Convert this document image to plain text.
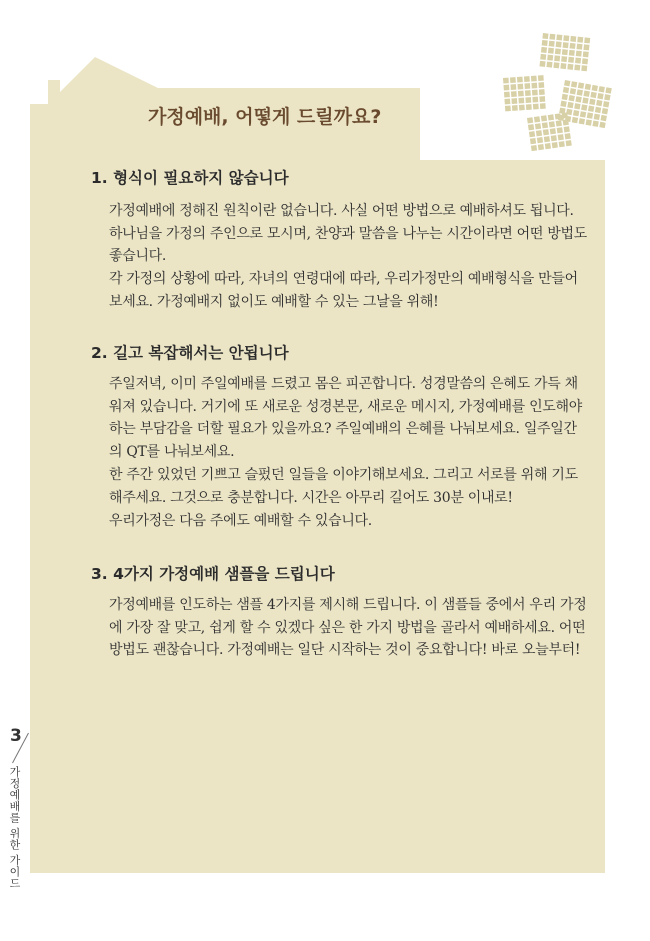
가정예배, 어떻게 드릴까요?
1. 형식이 필요하지 않습니다

가정예배에 정해진 원칙이란 없습니다. 사실 어떤 방법으로 예배하셔도 됩니다. 하나님을 가정의 주인으로 모시며, 찬양과 말씀을 나누는 시간이라면 어떤 방법도 좋습니다.

각 가정의 상황에 따라, 자녀의 연령대에 따라, 우리가정만의 예배형식을 만들어 보세요. 가정예배지 없이도 예배할 수 있는 그날을 위해!

2. 길고 복잡해서는 안됩니다

주일저녁, 이미 주일예배를 드렸고 몸은 피곤합니다. 성경말씀의 은혜도 가득 채워져 있습니다. 거기에 또 새로운 성경본문, 새로운 메시지, 가정예배를 인도해야 하는 부담감을 더할 필요가 있을까요? 주일예배의 은혜를 나눠보세요. 일주일간의 QT를 나눠보세요.

한 주간 있었던 기쁘고 슬펐던 일들을 이야기해보세요. 그리고 서로를 위해 기도해주세요. 그것으로 충분합니다. 시간은 아무리 길어도 30분 이내로!

우리가정은 다음 주에도 예배할 수 있습니다.

3. 4가지 가정예배 샘플을 드립니다

가정예배를 인도하는 샘플 4가지를 제시해 드립니다. 이 샘플들 중에서 우리 가정에 가장 잘 맞고, 쉽게 할 수 있겠다 싶은 한 가지 방법을 골라서 예배하세요. 어떤 방법도 괜찮습니다. 가정예배는 일단 시작하는 것이 중요합니다! 바로 오늘부터!

3
가정예배를 위한 가이드
